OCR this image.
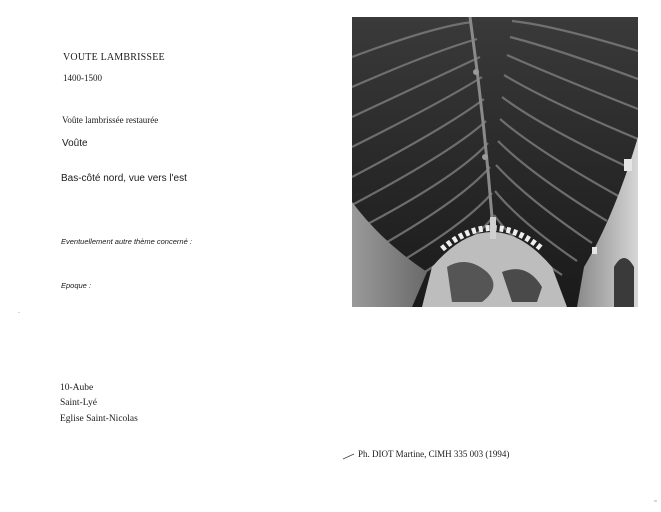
VOUTE LAMBRISSEE
1400-1500
Voûte lambrissée restaurée
Voûte
Bas-côté nord, vue vers l'est
Eventuellement autre thème concerné :
Epoque :
10-Aube
Saint-Lyé
Eglise Saint-Nicolas
Ph. DIOT Martine, ClMH 335 003 (1994)
